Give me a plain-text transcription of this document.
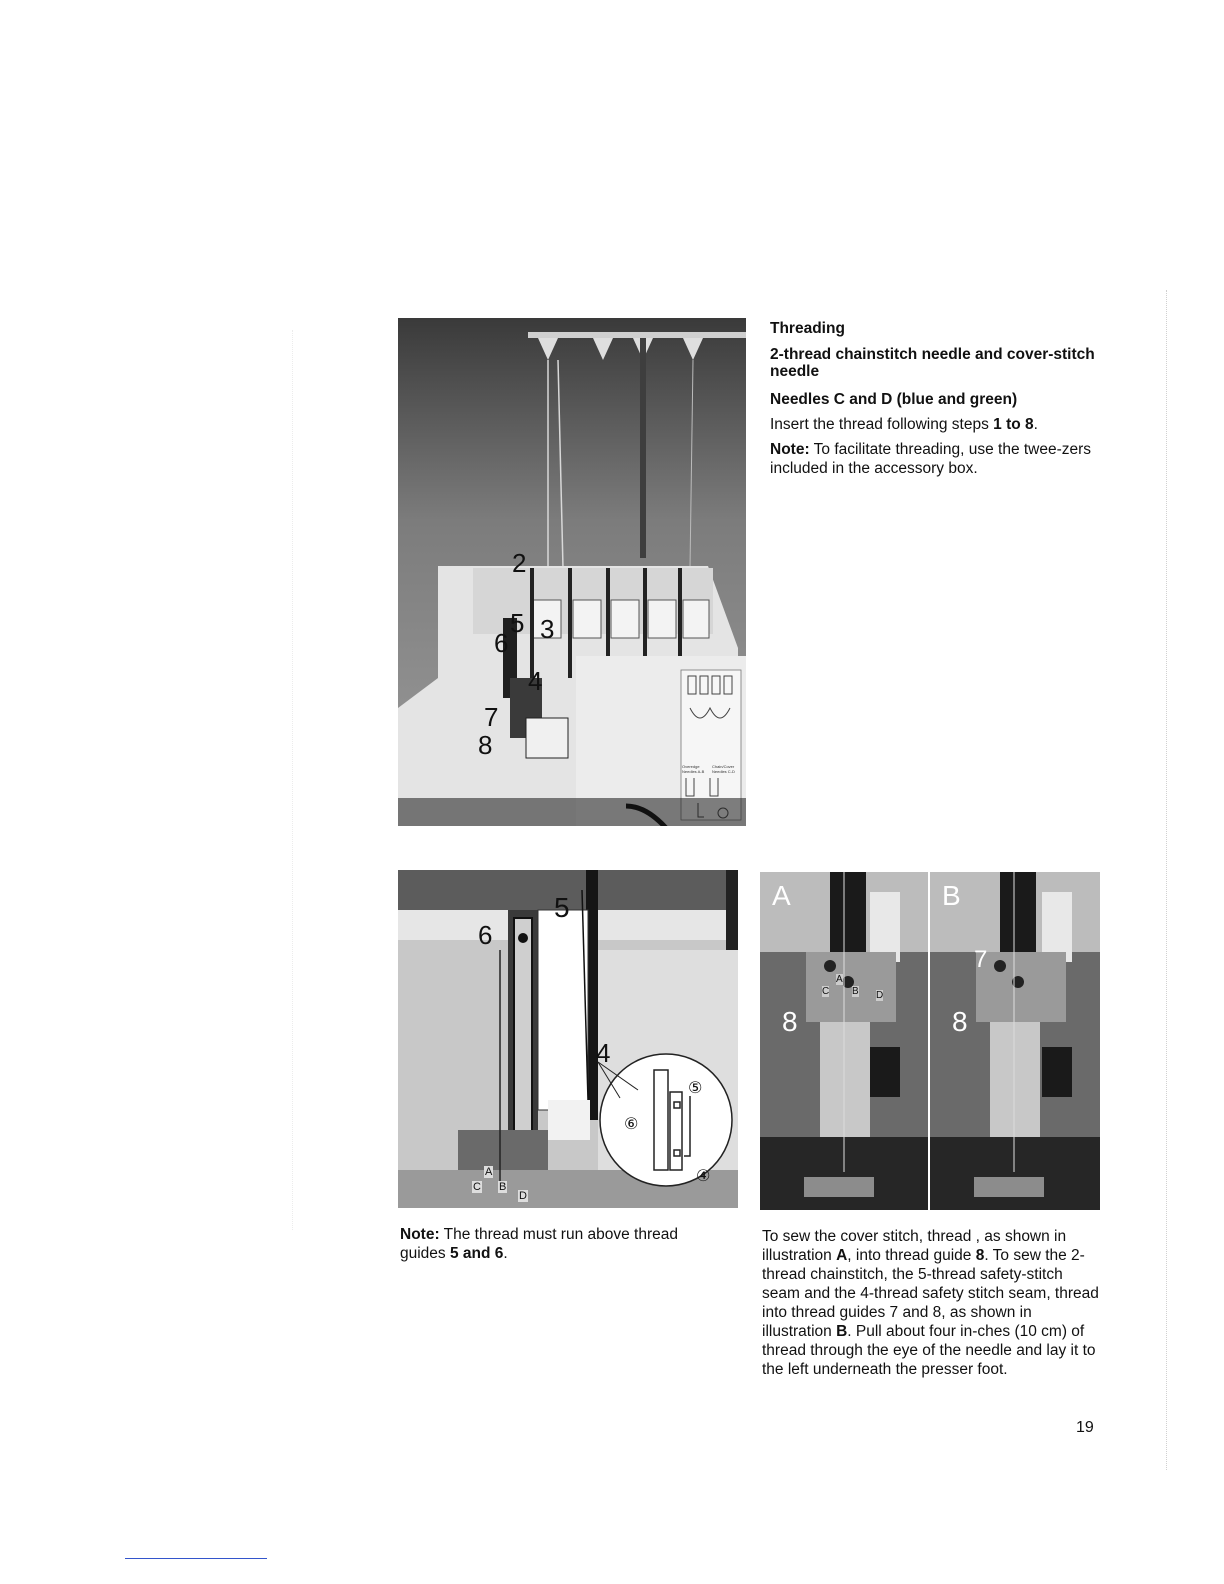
2
5 3
6
4
7
8
Overedge Needles A-B
Chain/Cover Needles C-D
Threading
2-thread chainstitch needle and cover-stitch needle
Needles C and D (blue and green)
Insert the thread following steps 1 to 8.
Note: To facilitate threading, use the twee-zers included in the accessory box.
5
6
4
⑤
⑥
④
A
B
C
D
A	B
8
7
8
A
B
C	D
Note: The thread must run above thread guides 5 and 6.
To sew the cover stitch, thread , as shown in illustration A, into thread guide 8. To sew the 2-thread chainstitch, the 5-thread safety-stitch seam and the 4-thread safety stitch seam, thread into thread guides 7 and 8, as shown in illustration B. Pull about four in-ches (10 cm) of thread through the eye of the needle and lay it to the left underneath the presser foot.
19
